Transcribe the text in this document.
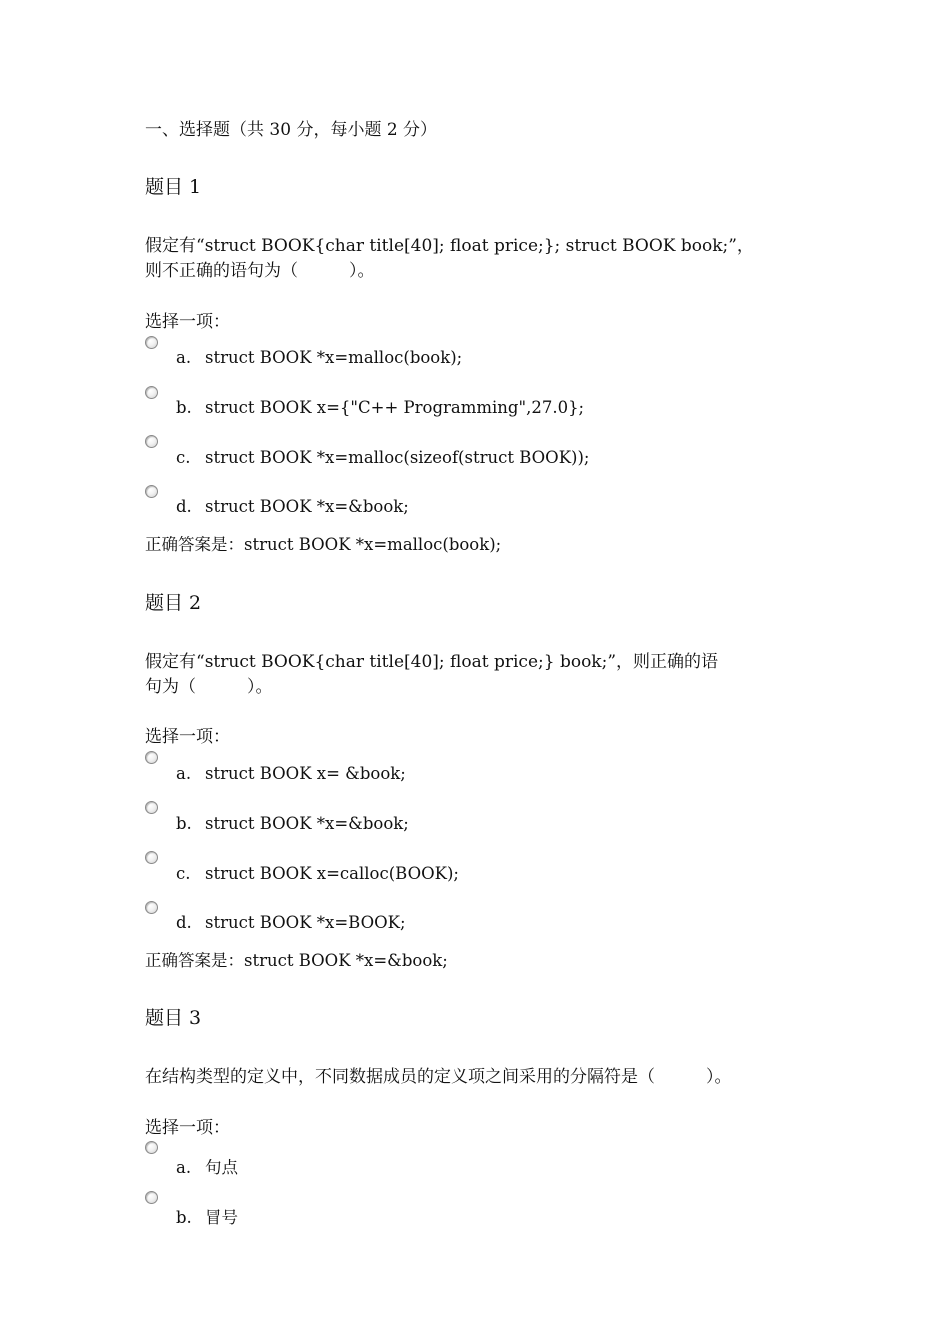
一、选择题（共 30 分，每小题 2 分）
题目 1
假定有“struct BOOK{char title[40]; float price;}; struct BOOK book;”，
则不正确的语句为（　　　）。
选择一项：
a. struct BOOK *x=malloc(book);
b. struct BOOK x={"C++ Programming",27.0};
c. struct BOOK *x=malloc(sizeof(struct BOOK));
d. struct BOOK *x=&book;
正确答案是：struct BOOK *x=malloc(book);
题目 2
假定有“struct BOOK{char title[40]; float price;} book;”，则正确的语
句为（　　　）。
选择一项：
a. struct BOOK x= &book;
b. struct BOOK *x=&book;
c. struct BOOK x=calloc(BOOK);
d. struct BOOK *x=BOOK;
正确答案是：struct BOOK *x=&book;
题目 3
在结构类型的定义中，不同数据成员的定义项之间采用的分隔符是（　　　）。
选择一项：
a. 句点
b. 冒号
